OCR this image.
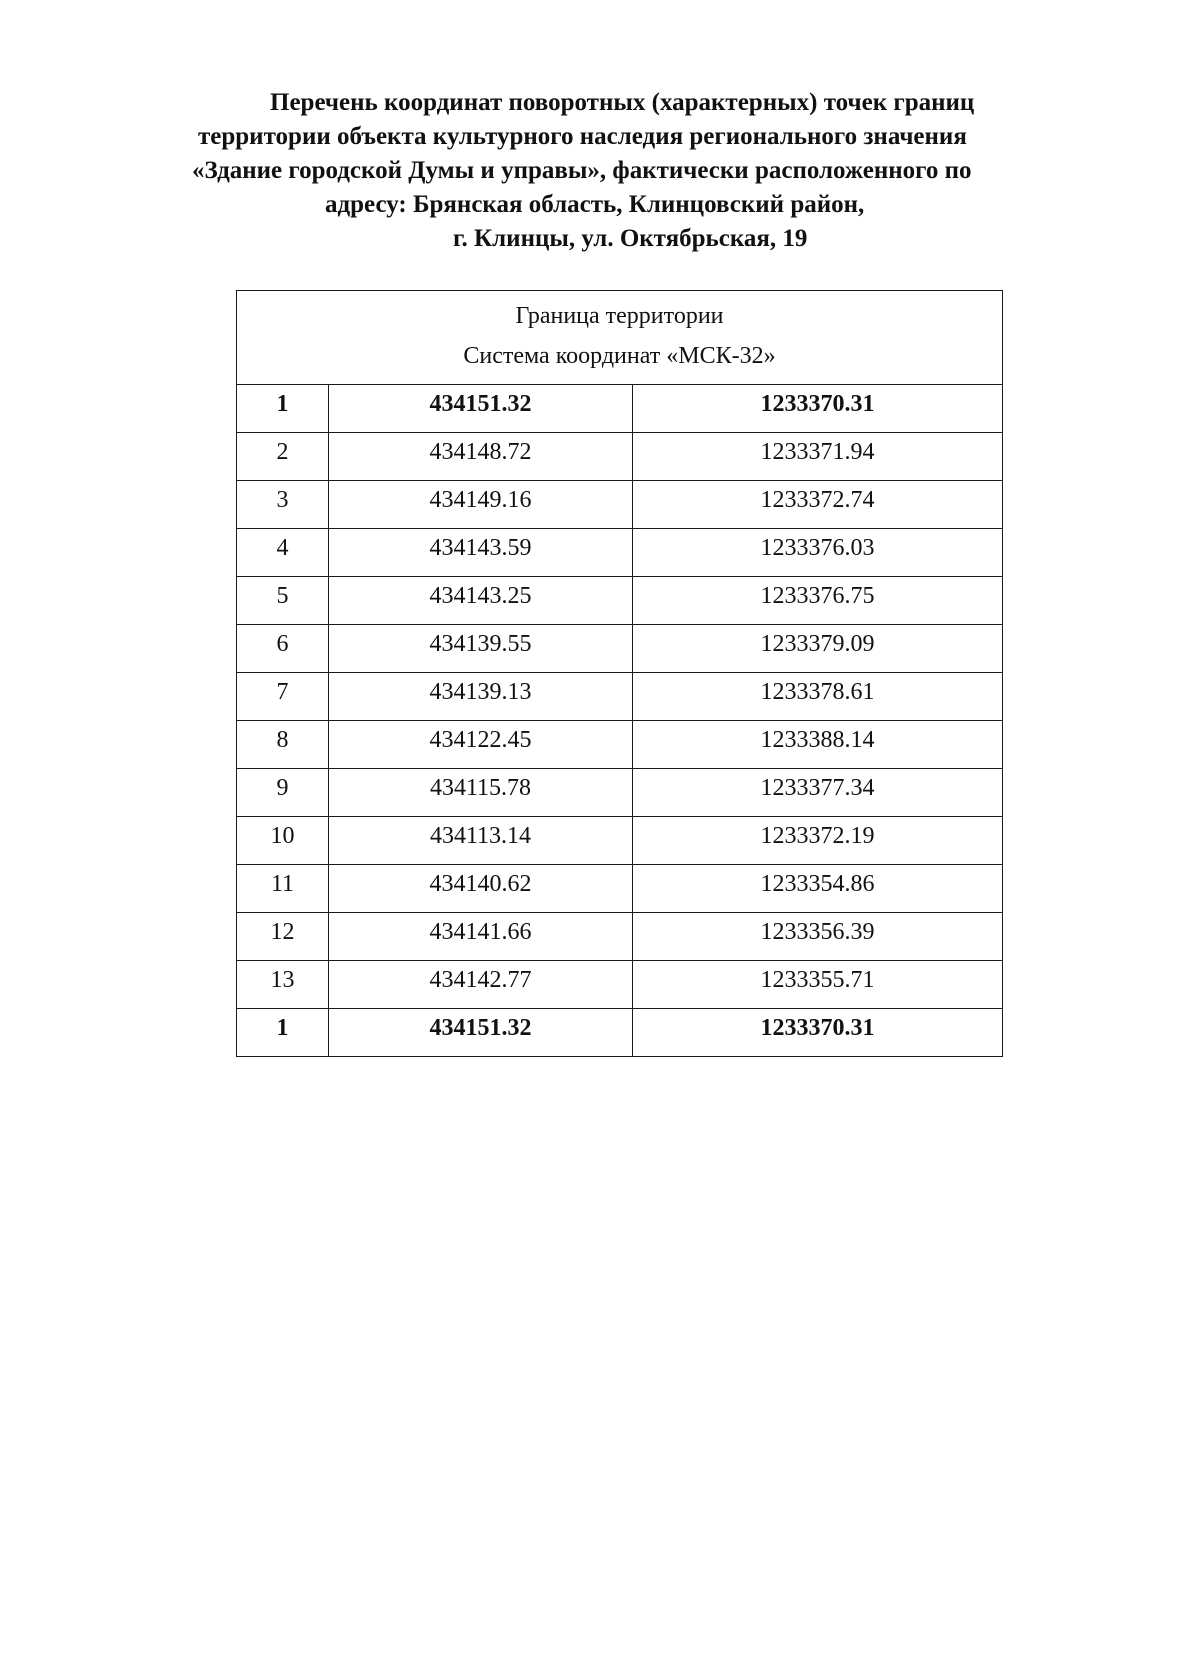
Перечень координат поворотных (характерных) точек границ
территории объекта культурного наследия регионального значения
«Здание городской Думы и управы», фактически расположенного по
адресу: Брянская область, Клинцовский район,
г. Клинцы, ул. Октябрьская, 19
Граница территории
Система координат «МСК-32»		

1	434151.32	1233370.31
2	434148.72	1233371.94
3	434149.16	1233372.74
4	434143.59	1233376.03
5	434143.25	1233376.75
6	434139.55	1233379.09
7	434139.13	1233378.61
8	434122.45	1233388.14
9	434115.78	1233377.34
10	434113.14	1233372.19
11	434140.62	1233354.86
12	434141.66	1233356.39
13	434142.77	1233355.71
1	434151.32	1233370.31
